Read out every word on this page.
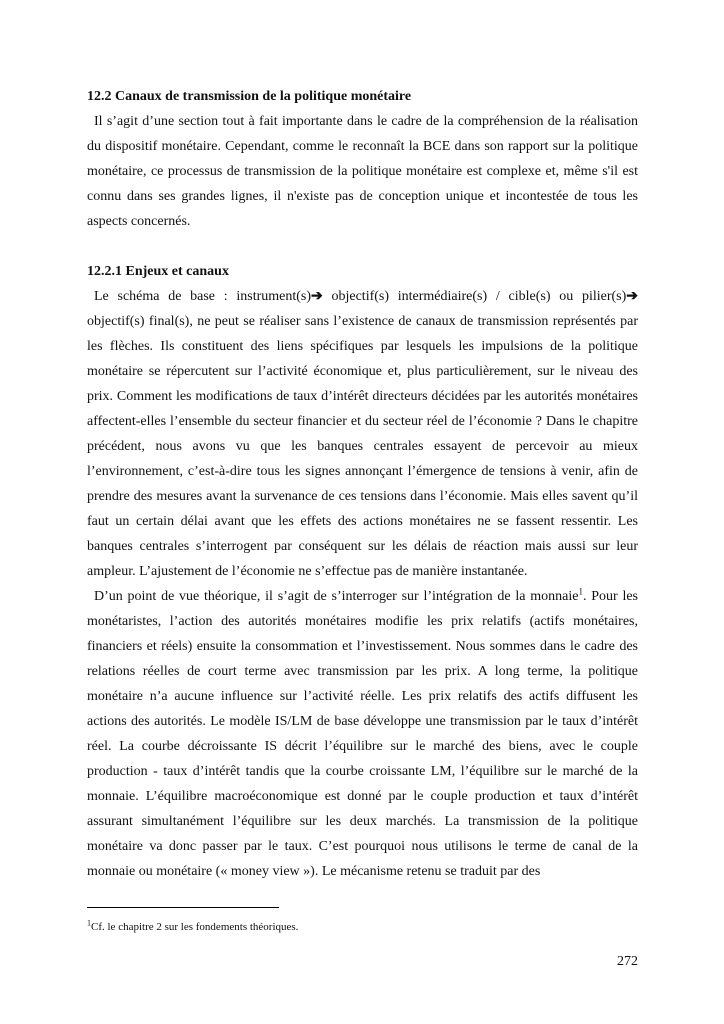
12.2 Canaux de transmission de la politique monétaire

Il s’agit d’une section tout à fait importante dans le cadre de la compréhension de la réalisation du dispositif monétaire. Cependant, comme le reconnaît la BCE dans son rapport sur la politique monétaire, ce processus de transmission de la politique monétaire est complexe et, même s'il est connu dans ses grandes lignes, il n'existe pas de conception unique et incontestée de tous les aspects concernés.

12.2.1 Enjeux et canaux

Le schéma de base : instrument(s)➔ objectif(s) intermédiaire(s) / cible(s) ou pilier(s)➔ objectif(s) final(s), ne peut se réaliser sans l’existence de canaux de transmission représentés par les flèches. Ils constituent des liens spécifiques par lesquels les impulsions de la politique monétaire se répercutent sur l’activité économique et, plus particulièrement, sur le niveau des prix. Comment les modifications de taux d’intérêt directeurs décidées par les autorités monétaires affectent-elles l’ensemble du secteur financier et du secteur réel de l’économie ? Dans le chapitre précédent, nous avons vu que les banques centrales essayent de percevoir au mieux l’environnement, c’est-à-dire tous les signes annonçant l’émergence de tensions à venir, afin de prendre des mesures avant la survenance de ces tensions dans l’économie. Mais elles savent qu’il faut un certain délai avant que les effets des actions monétaires ne se fassent ressentir. Les banques centrales s’interrogent par conséquent sur les délais de réaction mais aussi sur leur ampleur. L’ajustement de l’économie ne s’effectue pas de manière instantanée.

D’un point de vue théorique, il s’agit de s’interroger sur l’intégration de la monnaie$^1$. Pour les monétaristes, l’action des autorités monétaires modifie les prix relatifs (actifs monétaires, financiers et réels) ensuite la consommation et l’investissement. Nous sommes dans le cadre des relations réelles de court terme avec transmission par les prix. A long terme, la politique monétaire n’a aucune influence sur l’activité réelle. Les prix relatifs des actifs diffusent les actions des autorités. Le modèle IS/LM de base développe une transmission par le taux d’intérêt réel. La courbe décroissante IS décrit l’équilibre sur le marché des biens, avec le couple production - taux d’intérêt tandis que la courbe croissante LM, l’équilibre sur le marché de la monnaie. L’équilibre macroéconomique est donné par le couple production et taux d’intérêt assurant simultanément l’équilibre sur les deux marchés. La transmission de la politique monétaire va donc passer par le taux. C’est pourquoi nous utilisons le terme de canal de la monnaie ou monétaire (« money view »). Le mécanisme retenu se traduit par des

$^1$Cf. le chapitre 2 sur les fondements théoriques.
272
